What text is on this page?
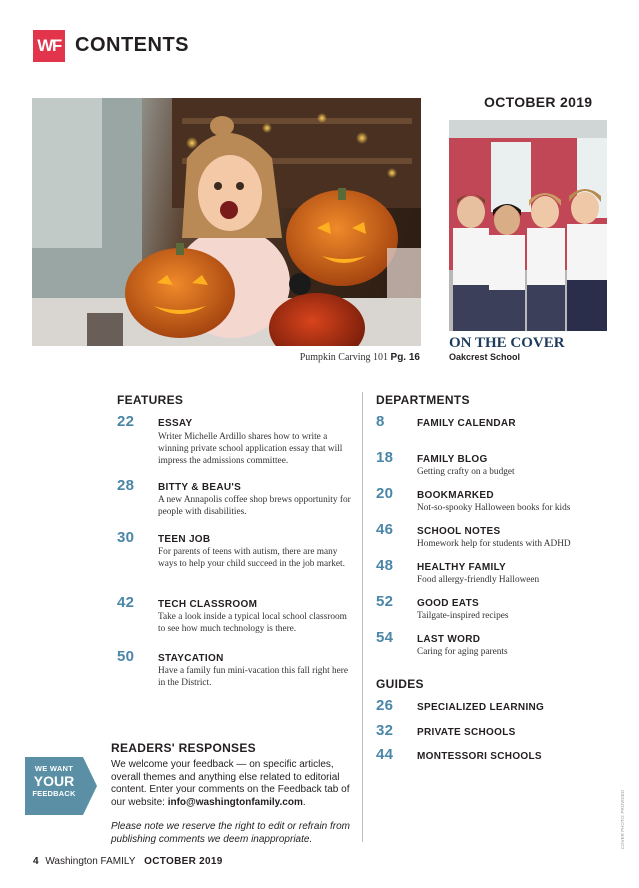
WF CONTENTS
Pumpkin Carving 101 Pg. 16
OCTOBER 2019
ON THE COVER
Oakcrest School
FEATURES
22 ESSAY
Writer Michelle Ardillo shares how to write a winning private school application essay that will impress the admissions committee.
28 BITTY & BEAU'S
A new Annapolis coffee shop brews opportunity for people with disabilities.
30 TEEN JOB
For parents of teens with autism, there are many ways to help your child succeed in the job market.
42 TECH CLASSROOM
Take a look inside a typical local school classroom to see how much technology is there.
50 STAYCATION
Have a family fun mini-vacation this fall right here in the District.
DEPARTMENTS
8	FAMILY CALENDAR
18 FAMILY BLOG
Getting crafty on a budget
20 BOOKMARKED
Not-so-spooky Halloween books for kids
46 SCHOOL NOTES
Homework help for students with ADHD
48 HEALTHY FAMILY
Food allergy-friendly Halloween
52 GOOD EATS
Tailgate-inspired recipes
54 LAST WORD
Caring for aging parents
GUIDES
26 SPECIALIZED LEARNING
32 PRIVATE SCHOOLS
44 MONTESSORI SCHOOLS
WE WANT
YOUR
FEEDBACK
READERS' RESPONSES
We welcome your feedback — on specific articles, overall themes and anything else related to editorial content. Enter your comments on the Feedback tab of our website: info@washingtonfamily.com.
Please note we reserve the right to edit or refrain from publishing comments we deem inappropriate.	COVER PHOTO: PROVIDED
4 Washington FAMILY OCTOBER 2019
